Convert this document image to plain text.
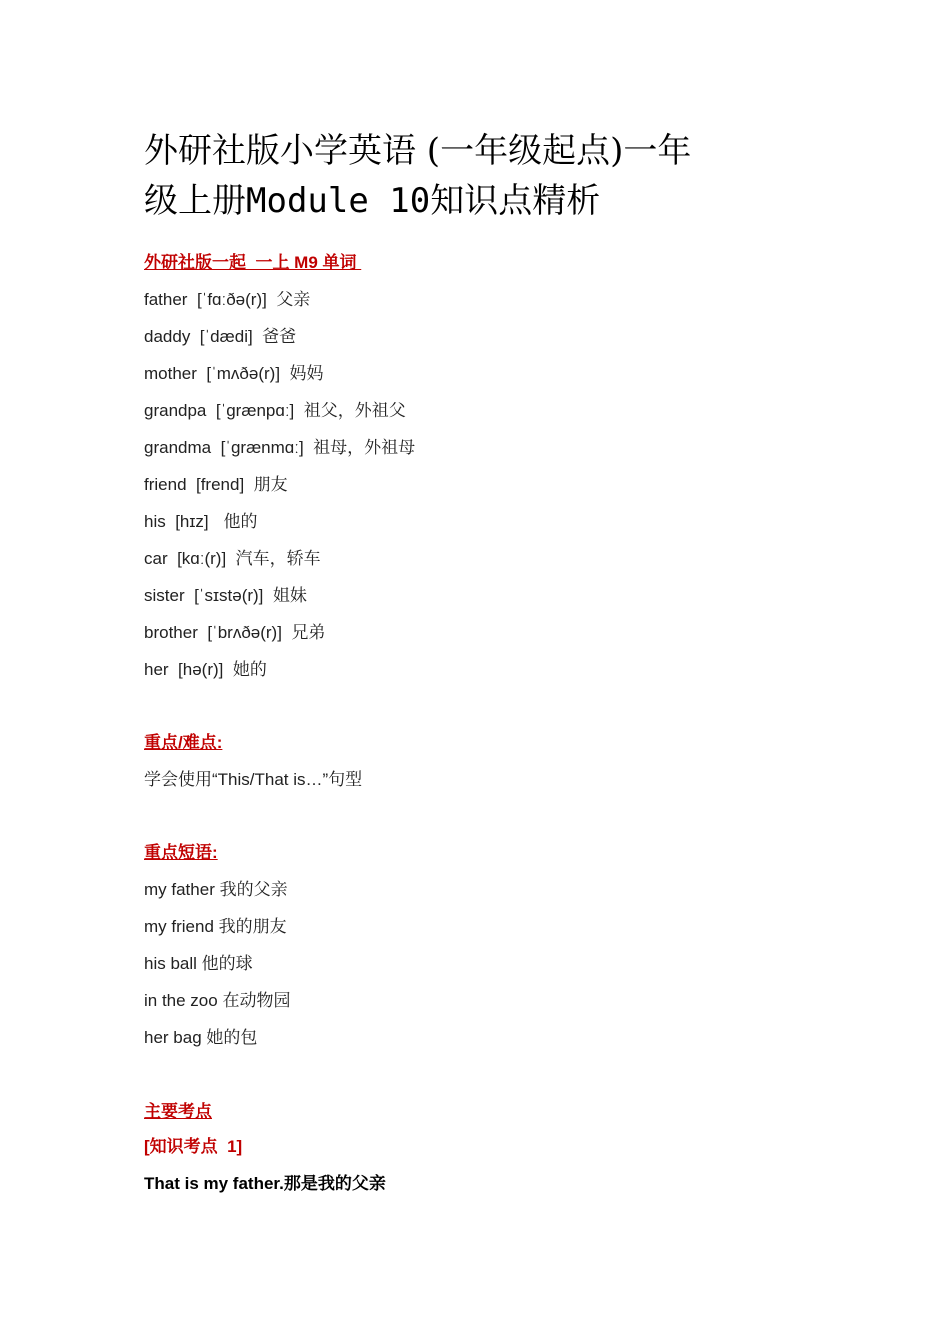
外研社版小学英语 (一年级起点)一年
级上册Module 10知识点精析
外研社版一起  一上 M9 单词
father [ˈfɑːðə(r)] 父亲
daddy [ˈdædi] 爸爸
mother [ˈmʌðə(r)] 妈妈
grandpa [ˈɡrænpɑː] 祖父，外祖父
grandma [ˈɡrænmɑː] 祖母，外祖母
friend [frend] 朋友
his [hɪz]   他的
car [kɑː(r)] 汽车，轿车
sister [ˈsɪstə(r)] 姐妹
brother [ˈbrʌðə(r)] 兄弟
her [hə(r)] 她的
重点/难点:
学会使用“This/That is…”句型
重点短语:
my father 我的父亲
my friend 我的朋友
his ball 他的球
in the zoo 在动物园
her bag 她的包
主要考点
[知识考点  1]
That is my father.那是我的父亲
